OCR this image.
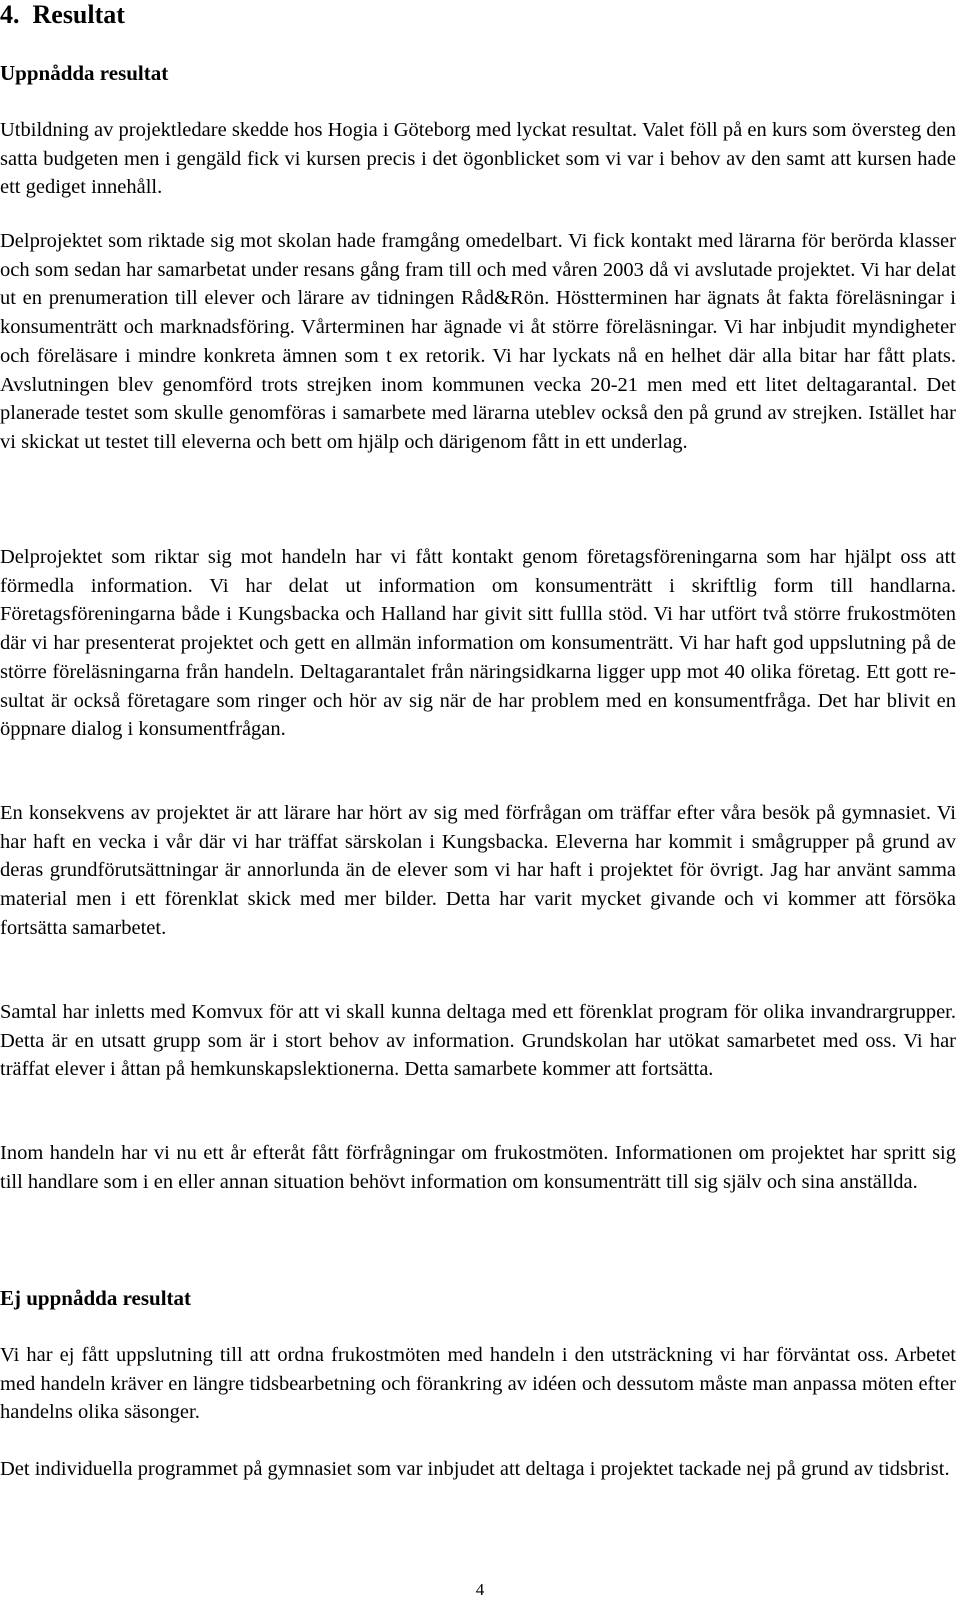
4. Resultat
Uppnådda resultat

Utbildning av projektledare skedde hos Hogia i Göteborg med lyckat resultat. Valet föll på en kurs som översteg den satta budgeten men i gengäld fick vi kursen precis i det ögonblicket som vi var i behov av den samt att kursen hade ett gediget innehåll.

Delprojektet som riktade sig mot skolan hade framgång omedelbart. Vi fick kontakt med lärarna för berörda klasser och som sedan har samarbetat under resans gång fram till och med våren 2003 då vi avslutade projektet. Vi har delat ut en prenumeration till elever och lärare av tidningen Råd&Rön. Höstterminen har ägnats åt fakta föreläsningar i konsumenträtt och marknadsföring. Vårterminen har ägnade vi åt större föreläsningar. Vi har inbjudit myndigheter och föreläsare i mindre konkreta ämnen som t ex retorik. Vi har lyckats nå en helhet där alla bitar har fått plats. Avslutningen blev genomförd trots strejken inom kommunen vecka 20-21 men med ett litet deltagarantal. Det planerade testet som skulle genomföras i samarbete med lärarna uteblev också den på grund av strejken. Istället har vi skickat ut testet till eleverna och bett om hjälp och därigenom fått in ett underlag.

Delprojektet som riktar sig mot handeln har vi fått kontakt genom företagsföreningarna som har hjälpt oss att förmedla information. Vi har delat ut information om konsumenträtt i skriftlig form till handlarna. Företagsföreningarna både i Kungsbacka och Halland har givit sitt fullla stöd. Vi har utfört två större frukostmöten där vi har presenterat projektet och gett en allmän information om konsumenträtt. Vi har haft god uppslutning på de större föreläsningarna från handeln. Deltagarantalet från näringsidkarna ligger upp mot 40 olika företag. Ett gott resultat är också företagare som ringer och hör av sig när de har problem med en konsumentfråga. Det har blivit en öppnare dialog i konsumentfrågan.

En konsekvens av projektet är att lärare har hört av sig med förfrågan om träffar efter våra besök på gymnasiet. Vi har haft en vecka i vår där vi har träffat särskolan i Kungsbacka. Eleverna har kommit i smågrupper på grund av deras grundförutsättningar är annorlunda än de elever som vi har haft i projektet för övrigt. Jag har använt samma material men i ett förenklat skick med mer bilder. Detta har varit mycket givande och vi kommer att försöka fortsätta samarbetet.

Samtal har inletts med Komvux för att vi skall kunna deltaga med ett förenklat program för olika invandrargrupper. Detta är en utsatt grupp som är i stort behov av information. Grundskolan har utökat samarbetet med oss. Vi har träffat elever i åttan på hemkunskapslektionerna. Detta samarbete kommer att fortsätta.

Inom handeln har vi nu ett år efteråt fått förfrågningar om frukostmöten. Informationen om projektet har spritt sig till handlare som i en eller annan situation behövt information om konsumenträtt till sig själv och sina anställda.

Ej uppnådda resultat

Vi har ej fått uppslutning till att ordna frukostmöten med handeln i den utsträckning vi har förväntat oss. Arbetet med handeln kräver en längre tidsbearbetning och förankring av idéen och dessutom måste man anpassa möten efter handelns olika säsonger.

Det individuella programmet på gymnasiet som var inbjudet att deltaga i projektet tackade nej på grund av tidsbrist.

4
